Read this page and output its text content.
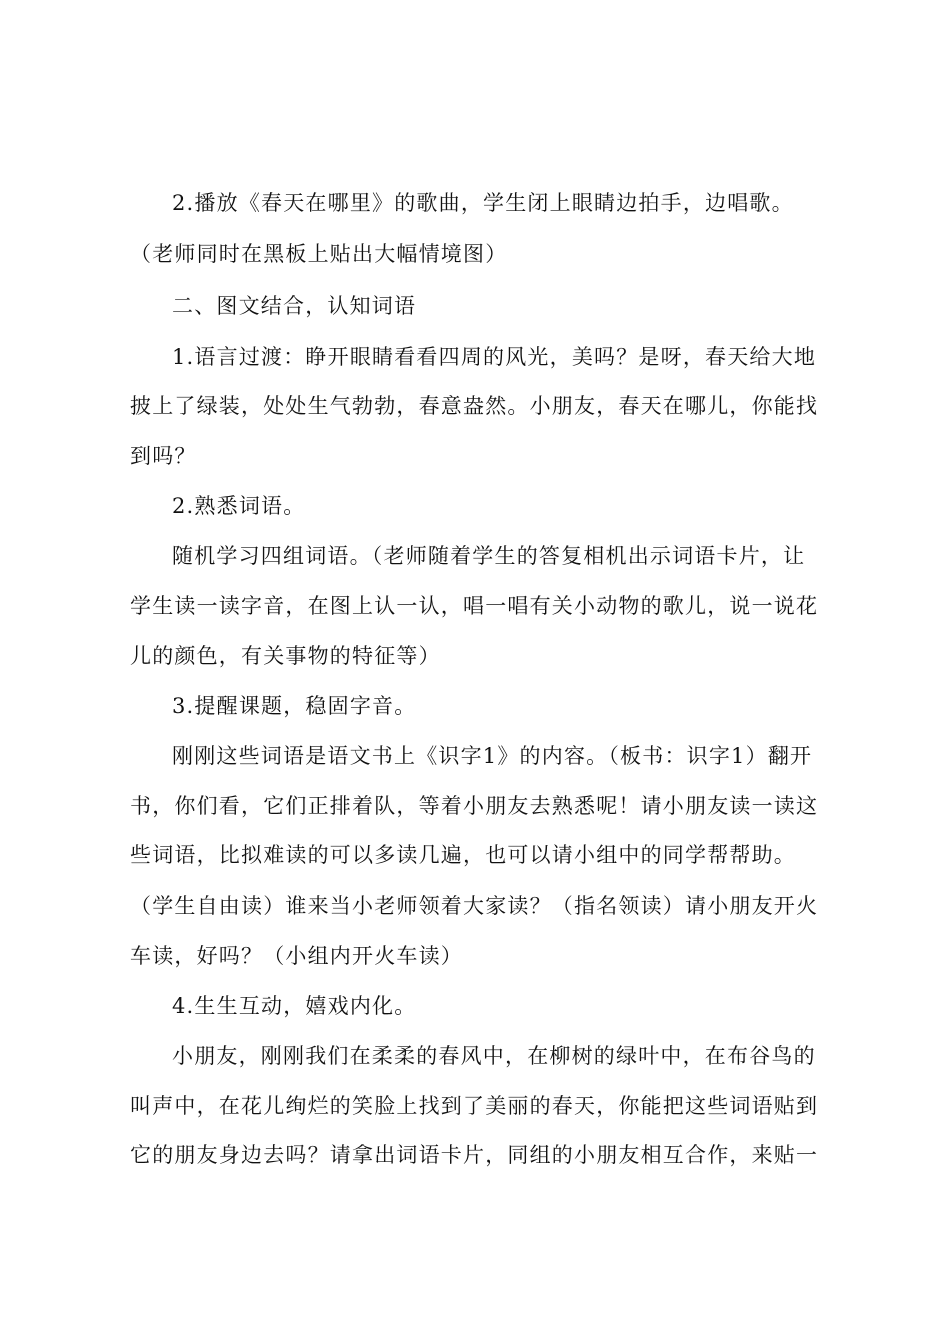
2.播放《春天在哪里》的歌曲，学生闭上眼睛边拍手，边唱歌。
（老师同时在黑板上贴出大幅情境图）
二、图文结合，认知词语
1.语言过渡：睁开眼睛看看四周的风光，美吗？是呀，春天给大地
披上了绿装，处处生气勃勃，春意盎然。小朋友，春天在哪儿，你能找
到吗？
2.熟悉词语。
随机学习四组词语。（老师随着学生的答复相机出示词语卡片，让
学生读一读字音，在图上认一认，唱一唱有关小动物的歌儿，说一说花
儿的颜色，有关事物的特征等）
3.提醒课题，稳固字音。
刚刚这些词语是语文书上《识字1》的内容。（板书：识字1）翻开
书，你们看，它们正排着队，等着小朋友去熟悉呢！请小朋友读一读这
些词语，比拟难读的可以多读几遍，也可以请小组中的同学帮帮助。
（学生自由读）谁来当小老师领着大家读？（指名领读）请小朋友开火
车读，好吗？（小组内开火车读）
4.生生互动，嬉戏内化。
小朋友，刚刚我们在柔柔的春风中，在柳树的绿叶中，在布谷鸟的
叫声中，在花儿绚烂的笑脸上找到了美丽的春天，你能把这些词语贴到
它的朋友身边去吗？请拿出词语卡片，同组的小朋友相互合作，来贴一
